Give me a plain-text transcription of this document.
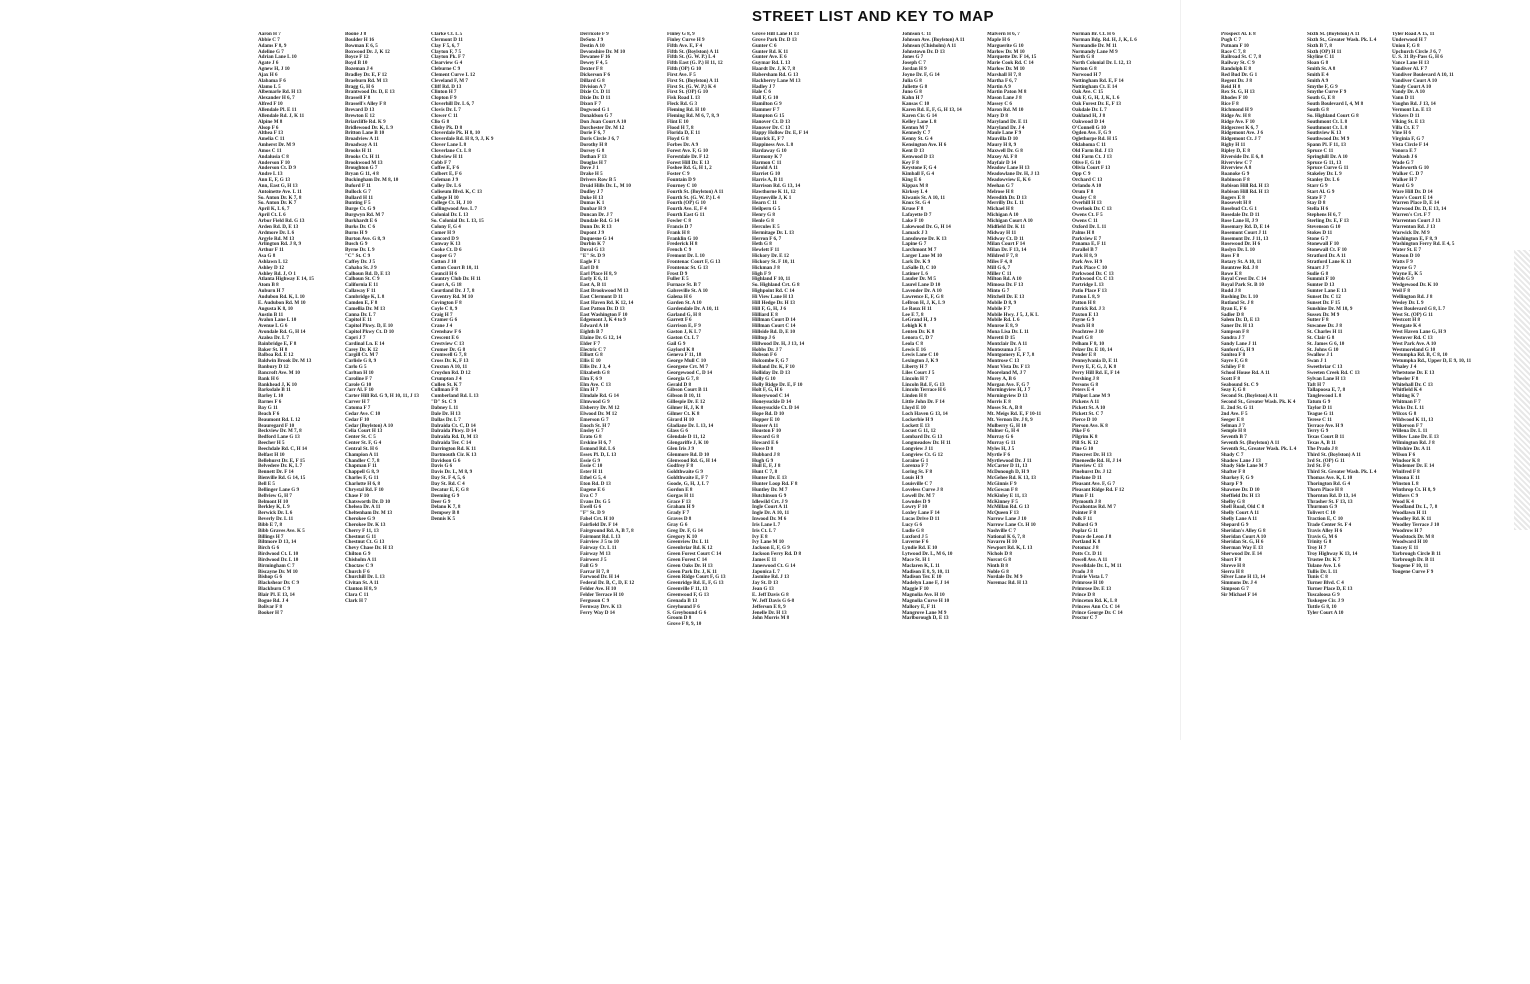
STREET LIST AND KEY TO MAP
Aaron H 7
Abbie C 7
Adams F 8, 9
Adeline G 7
Adrian Lane L 10
Agate J 6
Agnew H, J 10
Ajax H 6
Alabama F 6
Alamo L 5
Albemarle Rd. H 13
Alexander H 6, 7
Alfred F 10
Allendale Pl. E 11
Allendale Rd. J, K 11
Alpine M 8
Alsop F 6
Althea F 13
Amelia C 11
Amherst Dr. M 9
Amos C 11
Andalusia C 8
Anderson F 10
Anderson Ct. D 9
Andre L 13
Ann E, F, G 13
Ann, East G, H 13
Antoinette Ave. L 11
So. Anton Dr. K 7, 8
So. Anton Dr. K 7
April K, L 6, 7
April Ct. L 6
Arbor Field Rd. G 13
Arden Rd. D, E 13
Ardmore Dr. L 6
Argyle Rd. M 13
Arlington Rd. J 8, 9
Arthur F 11
Asa G 8
Ashlawn L 12
Ashley D 12
Ashley Rd. J, O 1
Atlanta Highway E 14, 15
Atom B 8
Auburn H 7
Audubon Rd. K, L 10
E. Audubon Rd. M 10
Augusta K 8, 10
Austin B 11
Avalon Lane L 10
Avenue L G 6
Avondale Rd. G, H 14
Azalea Dr. L 7
Bainbridge E, F 8
Baker St. H 8
Balboa Rd. E 12
Baldwin Brook Dr. M 13
Banbury D 12
Bancroft Ave. M 10
Bank H 6
Bankhead J, K 10
Barksdale B 11
Barley L 10
Barnes F 6
Bay G 11
Beach F 6
Beaumont Rd. L 12
Beauregard F 10
Beckview Dr. M 7, 8
Bedford Lane G 13
Beecher H 5
Beechdale Rd. C, H 14
Belfast H 10
Bellehurst Dr. E, F 15
Belvedere Dr. K, L 7
Bennett Dr. F 14
Bienville Rd. G 14, 15
Bell E 5
Bellinger Lane G 9
Bellview G, H 7
Belmont H 10
Berkley K, L 9
Berwick Dr. L 6
Beverly Dr. L 11
Bibb E 7, 8
Bibb Graves Ave. K 5
Billings H 7
Biltmore D 13, 14
Birch G 6
Birdwood Ct. L 10
Birdwood Dr. L 10
Birmingham C 7
Biscayne Dr. M 10
Bishop G 6
Blackshear Dr. C 9
Blackburn C 9
Blair Pl. E 13, 14
Bogue Rd. J 4
Bolivar F 8
Booker H 7
Boone J 8
Boulder H 16
Bowman E 6, 5
Boxwood Dr. J, K 12
Boyce F 12
Boyd B 10
Bozeman J 4
Bradley Dr. E, F 12
Braeburn Rd. M 13
Bragg G, H 6
Brantwood Dr. D, E 13
Brassell F 8
Brassell's Alley F 8
Brevard D 13
Brewton E 12
Briarcliffe Rd. K 9
Bridlewood Dr. K, L 9
Britton Lane B 10
Broadview A 11
Broadway A 11
Brooks H 11
Brooks Ct. H 11
Brookwood M 13
Broughton G 7
Bryan G 11, 4 8
Buckingham Dr. M 8, 10
Buford F 11
Bullock G 7
Bullard H 11
Bunting F 5
Burge Ct. G 9
Burgwyn Rd. M 7
Burkhardt E 6
Burks Dr. C 6
Burns H 9
Burton Ave. G 8, 9
Busch G 9
Byrne Dr. L 9
"C" St. C 9
Caffey Dr. J 5
Cahaba St. J 9
Calhoun Rd. D, E 13
Calhoun St. C 9
California E 11
Callaway F 11
Cambridge K, L 8
Camden E, F 8
Camellia Dr. M 13
Canna Dr. L 7
Capitol E 11
Capitol Pkwy. D, E 10
Capitol Pkwy Ct. D 10
Capri J 7
Cardinal Ln. E 14
Carey Dr. K 12
Cargill Ct. M 7
Carlisle G 8, 9
Carlo G 5
Carlton H 10
Caroline F 7
Carole G 10
Carr Al. F 10
Carter Hill Rd. G 9, H 10, 11, J 13
Carver H 7
Catoma F 7
Cedar Ave. C 10
Cedar F 10
Cedar (Boylston) A 10
Celia Court H 13
Center St. C 5
Center St. F, G 4
Central St. H 6
Champion A 11
Chandler C 7, 8
Chapman F 11
Chappell G 8, 9
Charles F, G 11
Charlotte H 6, 8
Chrystal Rd. F 10
Chase F 10
Chatsworth Dr. D 10
Chelsea Dr. A 11
Cheltenham Dr. M 13
Cherokee G 9
Cherokee Dr. K 13
Cherry F 11, 13
Chestnut G 11
Chestnut Ct. G 13
Chevy Chase Dr. H 13
Chilton G 9
Chisholm A 11
Choctaw C 9
Church F 6
Churchill Dr. L 13
Civitan St. A 11
Clanton H 8, 9
Clara C 11
Clark H 7
Clarke Ct. L 5
Clermont D 11
Clay F 5, 6, 7
Clayton F, 7 5
Clayton Pk. F 7
Clearview G 4
Cleburne C 9
Clement Curve L 12
Cleveland F, M 7
Cliff Rd. D 13
Clinton H 7
Clopton F 9
Cloverhill Dr. L 6, 7
Clovis Dr. L 7
Clower C 11
Clio G 8
Clisby Pk. D 8
Cloverdale Pk. H 8, 10
Cloverdale Rd. H 8, 9, J, K 9
Clover Lane L 8
Cloverlane Ct. L 8
Clubview H 11
Cobb F 7
Coffee E, F 6
Colbert E, F 6
Coleman J 9
Colley Dr. L 6
Coliseum Blvd. K, C 13
College H 10
College Ct. H, J 10
Collingwood Ave. L 7
Colonial Dr. L 13
So. Colonial Dr. L 13, 15
Colony F, G 4
Comer H 9
Concord D 9
Conway K 13
Cooke Ct. D 6
Cooper G 7
Cotton J 10
Cotton Court B 10, 11
Council H 6
Country Club Dr. H 11
Court A, G 18
Courtland Dr. J 7, 8
Coventry Rd. M 10
Covington F 8
Coyle C 8, 9
Craig H 7
Cramer G 6
Crane J 4
Crenshaw F 6
Crescent E 6
Crestview C 13
Cromer Dr. G 8
Cromwell G 7, 8
Cross Dr. K, F 13
Croxton A 10, 11
Croydon Rd. D 12
Crumpton J 4
Cullen St. K 7
Cullman F 8
Cumberland Rd. L 13
"D" St. C 9
Dabney L 11
Dale Dr. H 13
Dallas Dr. L 7
Dalraida Ct. C, D 14
Dalraida Pkwy. D 14
Dalraida Rd. D, M 13
Dalraida Ter. C 14
Darrington Rd. K 11
Dartmouth Cir. K 13
Davidson G 6
Davis G 6
Davis Dr. L, M 8, 9
Day St. F 4, 5, 6
Day St. Rd. C 4
Decatur E, F, G 8
Deeming G 9
Deer G 9
Delano K 7, 8
Dempsey B 8
Dennis K 5
Derricote F 9
DeSoto J 9
Destin A 10
Devonshire Dr. M 10
Dewanee F 16
Dewey F 4, 5
Dexter F 8
Dickerson F 6
Dillard G 8
Division A 7
Dixie Ct. D 11
Dixie Dr. D 11
Dixon F 7
Dogwood G 1
Donaldson G 7
Don Juan Court A 10
Dorchester Dr. M 12
Dorie F 6, 7
Doris Circle J 6, 7
Dorothy H 8
Dorsey G 8
Dothan F 13
Douglas H 7
Dove J 1
Drake H 5
Drivers Row B 5
Druid Hills Dr. L, M 10
Dudley J 7
Duke H 13
Dumas K 1
Dunbar H 9
Duncan Dr. J 7
Dundale Rd. G 14
Dunn Dr. R 13
Dupont J 9
Duquesne G 14
Durbin K 7
Duval G 13
"E" St. D 9
Eagle F 1
Earl D 8
Earl Place H 8, 9
Early E 6, 11
East A, B 11
East Brookwood M 13
East Clermont D 11
East Haven Rd. K 12, 14
East Patton Dr. D 13
East Washington F 10
Edgemont J, K 4 to 9
Edward A 10
Eighth B 7
Elaine Dr. G 12, 14
Elder F 7
Electric C 7
Elliott G 8
Ellis E 10
Ellis Dr. J 3, 4
Elizabeth G 8
Elm F, 6 9
Elm Ave. C 13
Elm H 7
Elmdale Rd. G 14
Elmwood G 9
Elsberry Dr. M 12
Elwood Dr. M 12
Emerson G 7
Enoch St. H 7
Ensley G 7
Erato G 8
Erskine H 6, 7
Esmond Rd. L 6
Essex Pl. D, L 13
Essie G 9
Essie C 10
Ester H 11
Ethel G 5, 4
Eton Rd. D 13
Eugene E 6
Eva C 7
Evans Dr. G 5
Ewell G 6
"F" St. D 9
Fabel Crt. H 10
Fairfield Dr. F 14
Fairground Rd. A, B 7, 8
Fairmont Rd. L 13
Fairview J 5 to 10
Fairway Ct. L 11
Fairway M 13
Fairwest J 5
Fall G 9
Farrar H 7, 8
Farwood Dr. H 14
Federal Dr. B, C, D, E 12
Felder Ave. H 10
Felder Terrace H 10
Ferguson C 9
Fernway Drv. K 13
Ferry Way D 14
Finley G 8, 9
Finley Curve H 9
Fifth Ave. E, F 4
Fifth St. (Boylston) A 11
Fifth St. (G. W. P.) L 4
Fifth East (G. P.) H 11, 12
Fifth (OP) G 10
First Ave. F 5
First St. (Boylston) A 11
First St. (G. W. P.) K 4
First St. (OP) G 10
Fisk Road L 13
Fleck Rd. G 3
Fleming Rd. H 10
Fleming Rd. M 6, 7, 8, 9
Flint E 10
Flood H 7, 8
Florida D, E 11
Floyd G 8
Forbes Dr. A 9
Forest Ave. F, G 10
Forestdale Dr. F 12
Forest Hill Dr. E 13
Foshee Rd. G, H 1, 2
Foster C 9
Fountain D 9
Fourney C 10
Fourth St. (Boylston) A 11
Fourth St. (G. W. P.) L 4
Fourth (OP) G 10
Fourth Ave. E, F 4
Fourth East G 11
Fowler C 8
Francis D 7
Frank H 8
Franklin G 10
Frederick H 8
French C 9
Fremont Dr. L 10
Frontenac Court F, G 13
Frontenac St. G 13
Frost D 9
Fuller E 5
Furnace St. B 7
Gabreville St. A 10
Galena H 6
Garden St. A 10
Gardendale Dr. A 10, 11
Garland G, H 8
Garrett F 6
Garrison E, F 9
Gaston J, K L 7
Gaston Ct. L 7
Gail G 9
Gaylord K 8
Geneva F 11, 18
George Mull C 10
Georgene Crt. M 7
Georgewood C, D 14
Georgia G 7, 8
Gerald D 8
Gibson Court B 11
Gibson B 10, 11
Gillespie Dr. E 12
Gilmer H, J, K 8
Gilmer Ct. K 8
Girard H 10
Gladiane Dr. L 13, 14
Glass G 6
Glendale D 11, 12
Glengariffe J, K 10
Glen Iris J 9
Glenmore Rd. D 10
Glenwood Rd. G, H 14
Godfrey F 8
Goldthwaite G 9
Goldthwaite E, F 7
Goode, G, H, J, L 7
Gordon E 8
Gorgas H 11
Grace F 13
Graham H 9
Grady F 7
Graves D 8
Gray G 6
Greg Dr. F, G 14
Gregory K 10
Greenview Dr. L 11
Greenbriar Rd. K 12
Green Forest Court C 14
Green Forest C 14
Green Oaks Dr. H 13
Green Park Dr. J, K 11
Green Ridge Court F, G 13
Greenridge Rd. E, F, G 13
Greenville F 11, 13
Greenwood F, G 13
Grenada B 13
Greyhound F 6
S. Greybound G 6
Groom D 8
Grove F 8, 9, 10
Grove Hill Lane H 13
Grove Park Dr. D 13
Gunter C 6
Gunter Rd. K 11
Gunter Ave. E 6
Guymar Rd. L 13
Haardt Dr. J, K 7, 8
Habersham Rd. G 13
Hackberry Lane M 13
Hadley J 7
Hale C 6
Hall F, G 10
Hamilton G 9
Hammer F 7
Hampton G 15
Hanover Ct. D 13
Hanover Dr. C 13
Happy Hollow Dr. E, F 14
Hanrick E, F 7
Happiness Ave. L 8
Hardaway G 10
Harmony K 7
Harmon C 11
Harold A 11
Harriet G 10
Harris A, B 11
Harrison Rd. G 13, 14
Hawthorne K 11, 12
Haynesville J, K 1
Hearn C 11
Heilpern G 5
Henry G 8
Henle G 8
Hercules E 5
Hermitage Dr. L 13
Herron F 6, 7
Heth G 8
Hewlett F 11
Hickory Dr. E 12
Hickory St. F 10, 11
Hickman J 8
High F 9
Highland F 10, 11
So. Highland Crt. G 8
Highpoint Rd. C 14
Hi View Lane H 13
Hill Hedge Dr. H 13
Hill F, G, H, J 6
Hilliard E 8
Hillman Court D 14
Hillman Court C 14
Hillside Rd. D, E 10
Hilltop J 6
Hillwood Dr. H, J 13, 14
Hobbs Dr. J 7
Hobson F 6
Holcombe F, G 7
Holland Dr. K, F 10
Holliday Dr. D 13
Holly G 10
Holly Ridge Dr. E, F 10
Holt F, G, H 6
Honeywood C 14
Honeysuckle D 14
Honeysuckle Ct. D 14
Hope Rd. D 10
Hopper E 10
Houser A 11
Houston F 10
Howard G 8
Howard E 6
Howe D 8
Hubbard J 8
Hugh G 9
Hull E, F, J 8
Hunt C 7, 8
Hunter Dr. E 13
Hunter Loop Rd. F 8
Huntley Dr. M 7
Hutchinson G 9
Idlewild Crt. J 9
Ingle Court A 11
Ingle Dr. A 10, 11
Inwood Dr. M 6
Iris Lane L 7
Iris Ct. L 7
Ivy E 8
Ivy Lane M 10
Jackson E, F, G 9
Jackson Ferry Rd. D 8
James E 11
Janeswood Ct. G 14
Japonica L 7
Jasmine Rd. J 13
Jay St. D 13
Jean G 13
E. Jeff Davis G 8
W. Jeff Davis G 6-8
Jefferson E 8, 9
Jenelle Dr. H 13
John Morris M 8
Johnson C 11
Johnson Ave. (Boylston) A 11
Johnson (Chisholm) A 11
Johnstown Dr. D 13
Jones G 7
Joseph C 7
Jordan H 9
Joyne Dr. F, G 14
Julia G 8
Juliette G 8
Juno G 8
Kahn H 7
Kansas C 10
Karen Rd. E, F, G, H 13, 14
Karen Cir. G 14
Kelley Lane L 8
Kenton M 7
Kennedy C 7
Kenny St. G 4
Kensington Ave. H 6
Kent D 13
Kenwood D 13
Key F 8
Keystone F, G 4
Kimball F, G 4
King E 6
Kippax M 8
Kirksey L 4
Kiwanis St. A 10, 11
Knox St. G 4
Kruse F 8
Lafayette D 7
Lake F 10
Lakewood Dr. G, H 14
Lamack J 3
Lansdowne Dr. K 13
Lapine G 7
Larchmont M 7
Larger Lane M 10
Lark Dr. K 9
LaSalle D, C 10
Latimer L 6
Lauder Dr. M 5
Laurel Lane D 10
Lavender Dr. A 10
Lawrence E, F, G 8
LeBron H, J, K, L 9
Le Roux H 11
Lee E 7, 8
LeGrand H, J 9
Lehigh K 8
Lenten Dr. K 8
Lenora C, D 7
Leola C 8
Lewis E 16
Lewis Lane C 10
Lexington J, K 9
Liberty H 7
Liles Court J 5
Lincoln H 7
Lincoln Rd. F, G 13
Lincoln Terrace H 6
Linden H 8
Little John Dr. F 14
Lloyd E 10
Loch Haven G 13, 14
Lockerbie H 9
Lockett E 13
Locust G 11, 12
Lombard Dr. G 13
Longmeadow Dr. H 11
Longview J 11
Longview Ct. G 12
Loraine G 1
Lorenzo F 7
Loring St. F 8
Louis H 9
Louisville C 7
Loveless Curve J 8
Lowell Dr. M 7
Lowndes D 9
Lowry F 10
Loxley Lane F 14
Lucas Drive D 11
Lucy G 6
Ludie G 8
Luxford J 5
Luverne F 6
Lyndie Rd. E 10
Lytwood Dr. L, M 6, 10
Mace St. H 1
Maclaren K, L 11
Madison E 8, 9, 10, 11
Madison Ter. E 10
Madelyn Lane F, J 14
Maggie F 10
Magnolia Ave. H 10
Magnolia Curve H 10
Mallory E, F 11
Mangrove Lane M 9
Marlborough D, E 13
Malvern H 6, 7
Maple H 6
Marguerite G 10
Marlow Dr. M 10
Marquette Dr. F 14, 15
Marie Cook Rd. C 14
Marlow Dr. M 10
Marshall H 7, 8
Martha F 6, 7
Martin A 9
Martin Paton M 8
Mason Lane J 8
Massey C 6
Maron Rd. M 10
Mary D 8
Maryland Dr. E 11
Maryland Dr. J 4
Maule Lane F 9
Mauvilla D 10
Maury H 8, 9
Maxwell Dr. G 8
Maxey Al. F 8
Mayfair D 14
Meadow Lane H 13
Meadowlane Dr. H, J 13
Meadowview E, K 6
Meehan G 7
Melrose H 8
Meredith Dr. D 13
Merrilly Dr. L 11
Michael H 8
Michigan A 10
Michigan Court A 10
Midfield Dr. K 11
Midway H 11
Midway Ct. D 11
Milan Court F 14
Milan Dr. F 13, 14
Mildred F 7, 8
Miles F 4, 8
Mill G 6, 7
Miller C 11
Milton Rd. A 10
Mimosa Dr. F 13
Minto G 7
Mitchell Dr. E 13
Mobile D 8, 9
Mobile F 7
Mobile Hwy. J 5, J, K L
Mobile Rd. L 6
Monroe E 8, 9
Mona Lisa Dr. L 11
Moretti D 15
Montclair Dr. A 11
Montezuma J 5
Montgomery E, F 7, 8
Montrose C 13
Mont Vista Dr. F 13
Mooreland M, J 7
Morey A, B 6
Morgan Ave. F, G 7
Morningview H, J 7
Morningview D 13
Morris E 8
Moses St. A, B 8
Mt. Meigs Rd. E, F 10-11
Mt. Vernon Dr. J 8, 9
Mulberry G, H 10
Mulner G, H 4
Murray G 6
Murray G 11
Myles H, J 5
Myrtle F 6
Myrtlewood Dr. J 11
McCarter D 11, 13
McDonough D, H 9
McGehee Rd. K 13, 13
McGinnis F 9
McGowan F 8
McKinley E 11, 13
McKinney F 5
McMillan Rd. G 13
McQueen F 13
Narrow Lane J 10
Narrow Lane Ct. H 10
Nashville C 7
National K 6, 7, 8
Navarro H 10
Newport Rd. K, L 13
Nichols D 8
Norcot G 8
Ninth B 8
Noble G 8
Nordale Dr. M 9
Noremac Rd. H 13
Norman Br. Ct. H 6
Norman Bdg. Rd. H, J, K, L 6
Normandie Dr. M 11
Normandy Lane M 9
North G 8
North Colonial Dr. L 12, 13
Norton G 8
Norwood H 7
Nottingham Rd. E, F 14
Nottingham Ct. E 14
Oak Ave. C 15
Oak F, G, H, J, K, L 6
Oak Forest Dr. E, F 13
Oakdale Dr. L 7
Oakland H, J 8
Oakwood D 14
O'Connell G 10
Ogden Ave. F, G 9
Oglethorpe Rd. H 15
Oklahoma C 11
Old Farm Rd. J 13
Old Farm Ct. J 13
Olive F, G 10
Olivia Court F 13
Opp C 9
Orchard C 13
Orlando A 10
Orum F 8
Ousley C 8
Overhill H 13
Overlook Dr. C 13
Owens Ct. F 5
Owens C 11
Oxford Dr. L 11
Palms H 8
Parkview E 7
Panama E, F 11
Parallel B 7
Park H 8, 9
Park Ave. H 9
Park Place C 10
Parkwood Dr. C 13
Parkwood Ct. C 13
Partridge L 13
Patio Place F 13
Patton L 8, 9
Patton H 8
Patrick Rd. J 3
Paxton E 13
Payne G 9
Peach H 8
Peachtree J 10
Pearl G 8
Pelham F 8, 10
Pelzer Dr. E 10, 14
Pender E 8
Pennsylvania D, E 11
Perry E, F, G, J, K 8
Perry Hill Rd. E, F 14
Pershing J 8
Persons G 8
Peters E 4
Philpot Lane M 9
Pickens A 11
Pickett St. A 10
Pickett St. C 7
Pierce D 10
Pierson Ave. K 8
Pike F 6
Pilgrim K 8
Pill St. K 12
Pine G 10
Pinecrest Dr. H 13
Pineneedle Rd. H, J 14
Pineview C 13
Pinehurst Dr. J 12
Pinelane D 11
Pleasant Ave. F, G 7
Pleasant Ridge Rd. F 12
Plum F 11
Plymouth J 8
Pocahontas Rd. M 7
Pointer F 8
Polk F 11
Pollard G 9
Poplar G 11
Ponce de Leon J 8
Portland K 8
Potomac J 8
Potts Ct. D 11
Powell Ave. A 11
Powelldale Dr. L, M 11
Prado J 8
Prairie Vista L 7
Primrose H 10
Primrose Dr. E 13
Prince D 8
Princeton Rd. K, L 8
Princess Ann Ct. C 14
Prince George Dr. C 14
Proctor C 7
Prospect Al. E 8
Pugh C 7
Putnam F 10
Race C 7, 8
Railroad St. C 7, 8
Railway St. C 9
Randolph E 8
Red Bud Dr. G 1
Regent Dr. J 8
Reid H 8
Rex St. G, H 13
Rhodes F 10
Rice F 8
Richmond H 9
Ridge Av. H 8
Ridge Ave. F 10
Ridgecrest K 6, 7
Ridgemont Ave. J 6
Ridgemont Ct. J 7
Rigby H 11
Ripley D, E 8
Riverside Dr. E 6, 8
Riverview C 7
Riverview A 8
Roanoke G 9
Robinson F 8
Robison Hill Rd. H 13
Robison Hill Rd. H 13
Rogers E 8
Roosevelt H 8
Rosebud Ct. G 1
Rosedale Dr. D 11
Rose Lane H, J 9
Rosemary Rd. D, E 14
Rosemont Court J 11
Rosemont Dr. J 11, 13
Rosewood Dr. H 6
Roslyn Dr. L 10
Ross F 8
Rotary St. A 10, 11
Rountree Rd. J 8
Rowe E 8
Royal Crest Dr. C 14
Royal Park St. B 10
Rudd J 8
Rushing Dr. L 10
Rutland St. J 8
Ryan E, F 6
Sadler D 8
Salem Dr. D, E 13
Saner Dr. H 13
Sampson F 8
Sandra J 7
Sandy Lane J 11
Sanford G, H 9
Sanitea F 8
Sayre F, G 8
Schiley F 8
School House Rd. A 11
Scott F 8
Seabound St. C 9
Seay F, G 8
Second St. (Boylston) A 11
Second St., Greater Wash. Pk. K 4
E. 2nd St. G 11
2nd Ave. F 5
Seeger E 8
Selman J 7
Semple H 8
Seventh B 7
Seventh St. (Boylston) A 11
Seventh St., Greater Wash. Pk. L 4
Shady C 7
Shadow Lane J 13
Shady Side Lane M 7
Shafter F 8
Sharkey F, G 9
Sharp F 9
Shawnee Dr. D 10
Sheffield Dr. H 13
Shelby G 8
Shell Road, Old C 8
Shelly Court A 11
Shelly Lane A 11
Shepard G 9
Sheridan's Alley G 8
Sheridan Court A 10
Sheridan St. G, H 6
Sherman Way E 13
Sherwood Dr. E 14
Short F 8
Shreve H 8
Sierra H 8
Silver Lane H 13, 14
Simmons Dr. J 4
Simpson G 7
Sir Michael F 14
Sixth St. (Boylston) A 11
Sixth St., Greater Wash. Pk. L 4
Sixth B 7, 8
Sixth (OP) H 11
Skyline C 11
Sloan G 8
Smith St. A 8
Smith E 4
Smith A 9
Smythe F, G 9
Smythe Curve F 9
South G, E 8
South Boulevard I, 4, M 8
South G 8
So. Highland Court G 8
Southmont Ct. L 8
Southmont Ct. L 8
Southview K 13
Southwood Dr. M 9
Spann Pl. F 11, 13
Spruce C 11
Springhill Dr. A 10
Spruce G 11, 13
Spruce Curve G 11
Stakeley Dr. L 9
Stanley Dr. L 6
Starr G 9
Start Al. G 9
State F 7
Stay D 8
Stella H 6
Stephens H 6, 7
Sterling Dr. E, F 13
Stevenson G 10
Stokes D 11
Stone G 7
Stonewall F 10
Stonewall Ct. F 10
Stratford Dr. A 11
Stratford Lane K 13
Stuart J 7
Sudie G 8
Summit F 10
Sumter D 13
Sumter Lane E 13
Sunset Dr. C 12
Sunset Dr. F 15
Sunshine Dr. M 10, 9
Sussex Dr. M 9
Sutter F 8
Suwanee Dr. J 8
St. Charles H 11
St. Clair G 8
St. James G 6, 10
St. Johns G 10
Swallow J 1
Swan J 1
Sweetbriar C 13
Sweeten Creek Rd. C 13
Sylvan Lane H 13
Taft H 7
Tallapoosa E, 7, 8
Tanglewood L 8
Tatum G 9
Taylor D 11
Teague G 11
Terese C 11
Terrace Ave. H 9
Terry G 9
Texas Court B 11
Texas A, B 11
The Prado J 8
Third St. (Boylston) A 11
3rd St. (OP) G 11
3rd St. F 6
Third St. Greater Wash. Pk. L 4
Thomas Ave. K, L 10
Thorington Rd. G 4
Thorn Place H 8
Thornton Rd. D 13, 14
Thrasher St. F 13, 13
Thurmon G 9
Tolivert C 10
Traction E, C 10
Trade Center St. F 4
Travis Alley H 6
Travis G, M 6
Trinity G 8
Troy H 7
Troy Highway K 13, 14
Trustee Dr. K 7
Tulane Ave. L 6
Tullis Dr. L 11
Tunis C 8
Turner Blvd. C 4
Turner Place D, E 13
Tuscaloosa G 9
Tuskegee Cir. J 9
Tuttle G 8, 10
Tyler Court A 10
Tyler Road A 15, 11
Underwood H 7
Union F, G 8
Upchurch Circle J 6, 7
U. S. 31 By-Pass G, H 6
Vance Lane H 13
Vandiver Al. F 7
Vandiver Boulevard A 10, 11
Vandiver Court A 10
Vandy Court A 10
Vandy Dr. A 10
Vann D 11
Vaughn Rd. J 13, 14
Vermont Ln. E 13
Vickers D 11
Viking St. E 13
Villa Ct. E 7
Vine H 6
Virginia F, G 7
Vista Circle F 14
Vonora E 7
Wabash J 6
Wade G 7
Wadsworth G 10
Walker C. D 7
Walker H 7
Ward G 9
Ware Hill Dr. D 14
Ware's Court E 14
Warren Place D, E 14
Warwood Dr. D, E 13, 14
Warren's Crt. F 7
Warrenton Court J 13
Warrenton Rd. J 13
Warwick Dr. M 9
Washington E, F 8, 9
Washington Ferry Rd. E 4, 5
Water St. E 7
Watson D 10
Watts F 9
Wayne G 7
Wayne E, K 5
Webb G 9
Wedgewood Dr. K 10
Weil F 8
Wellington Rd. J 8
Wesley Dr. L 9
West Boulevard G 8, L 7
West St. (OP) G 11
Westcott H 8
Westgate K 4
West Haven Lane G, H 9
Westover Rd. C 13
West Park Ave. A 10
Westmoreland G 10
Wetumpka Rd. B, C 8, 10
Wetumpka Rd., Upper D, E 9, 10, 11
Whaley J 4
Whetstone Dr. E 13
Wheeler F 8
Whitehall Dr. C 13
Whitfield K 4
Whiting K 7
Whitman F 7
Wicks Dr. L 11
Wilcox G 8
Wildwood K 11, 13
Wilkerson F 7
Willena Dr. L 11
Willow Lane Dr. E 13
Wilmington Rd. J 8
Wiltshire Dr. A 11
Wilson F 6
Windsor K 8
Windemer Dr. E 14
Winifred F 8
Winona E 11
Winston L 8
Winthrop Ct. H 8, 9
Withers C 9
Wood K 4
Woodland Dr. L, 7, 8
Woodlawn H 11
Woodley Rd. K 11
Woodley Terrace J 10
Woodrow H 7
Woodstock Dr. M 8
Woodward H 10
Yancey E 11
Yarbrough Circle B 11
Yarbrough Dr. B 11
Yougene F 10, 11
Yougene Curve F 9
